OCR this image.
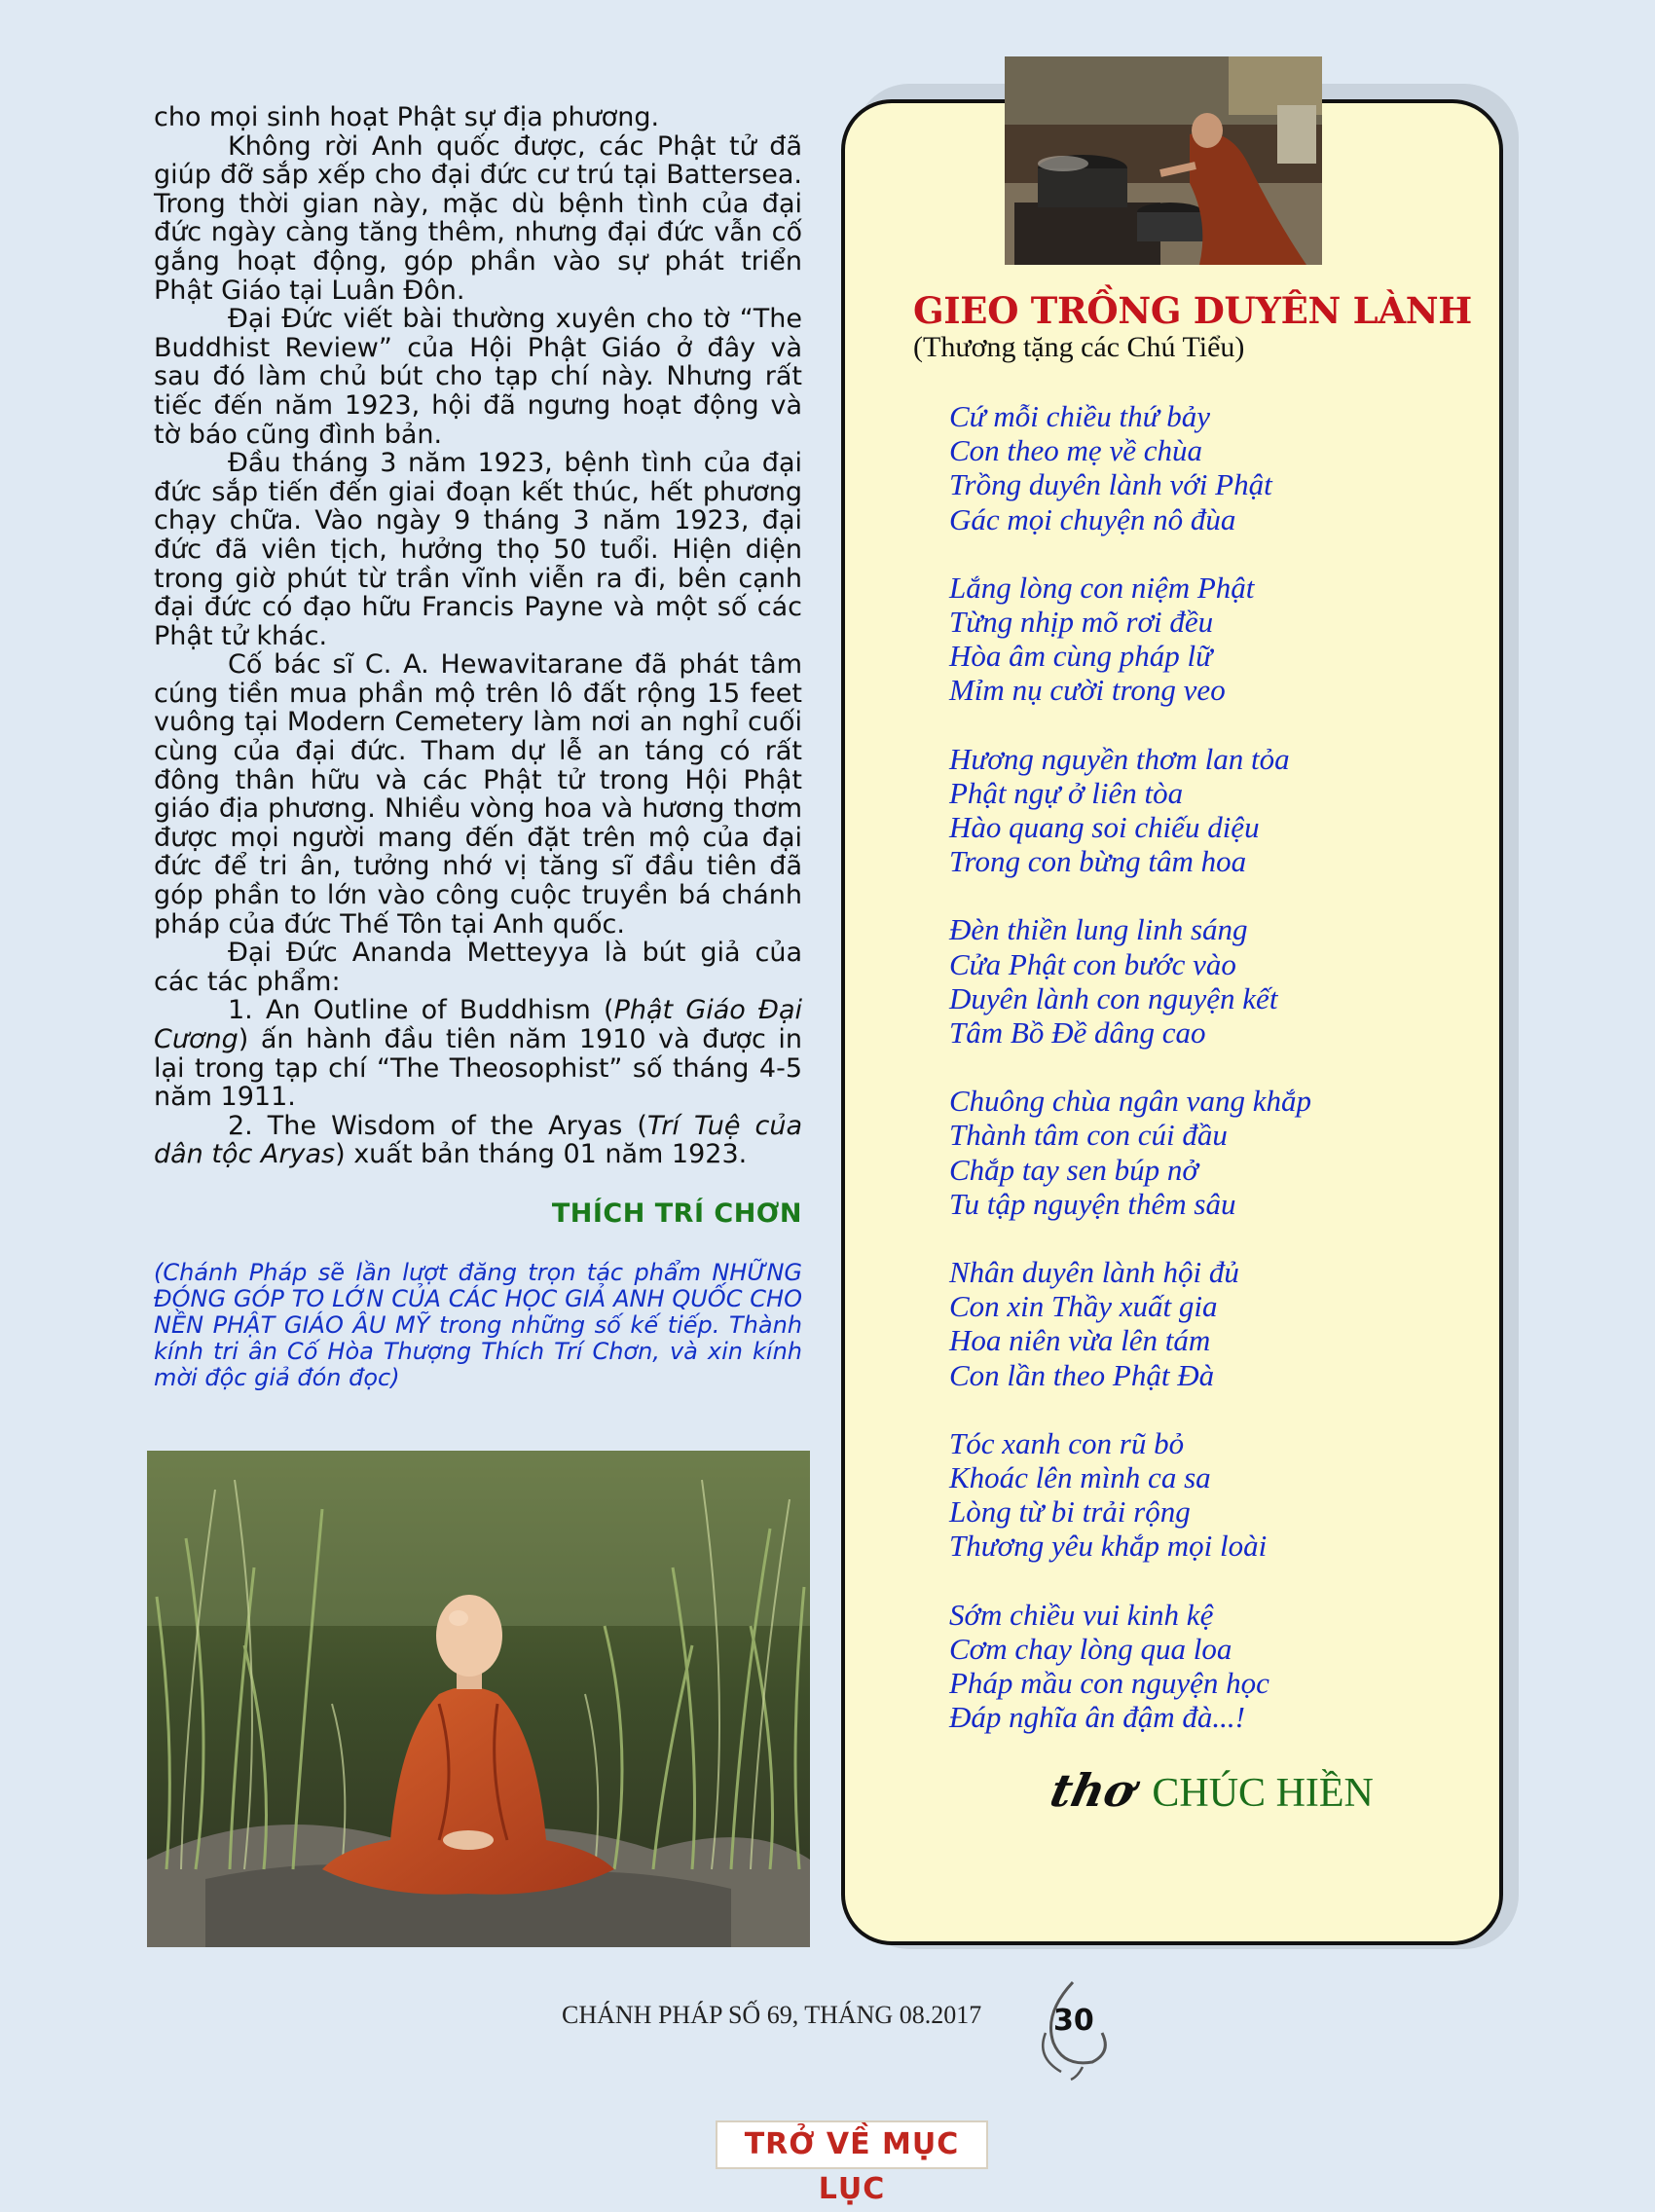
cho mọi sinh hoạt Phật sự địa phương.

Không rời Anh quốc được, các Phật tử đã giúp đỡ sắp xếp cho đại đức cư trú tại Battersea. Trong thời gian này, mặc dù bệnh tình của đại đức ngày càng tăng thêm, nhưng đại đức vẫn cố gắng hoạt động, góp phần vào sự phát triển Phật Giáo tại Luân Đôn.

Đại Đức viết bài thường xuyên cho tờ “The Buddhist Review” của Hội Phật Giáo ở đây và sau đó làm chủ bút cho tạp chí này. Nhưng rất tiếc đến năm 1923, hội đã ngưng hoạt động và tờ báo cũng đình bản.

Đầu tháng 3 năm 1923, bệnh tình của đại đức sắp tiến đến giai đoạn kết thúc, hết phương chạy chữa. Vào ngày 9 tháng 3 năm 1923, đại đức đã viên tịch, hưởng thọ 50 tuổi. Hiện diện trong giờ phút từ trần vĩnh viễn ra đi, bên cạnh đại đức có đạo hữu Francis Payne và một số các Phật tử khác.

Cố bác sĩ C. A. Hewavitarane đã phát tâm cúng tiền mua phần mộ trên lô đất rộng 15 feet vuông tại Modern Cemetery làm nơi an nghỉ cuối cùng của đại đức. Tham dự lễ an táng có rất đông thân hữu và các Phật tử trong Hội Phật giáo địa phương. Nhiều vòng hoa và hương thơm được mọi người mang đến đặt trên mộ của đại đức để tri ân, tưởng nhớ vị tăng sĩ đầu tiên đã góp phần to lớn vào công cuộc truyền bá chánh pháp của đức Thế Tôn tại Anh quốc.

Đại Đức Ananda Metteyya là bút giả của các tác phẩm:

1. An Outline of Buddhism (Phật Giáo Đại Cương) ấn hành đầu tiên năm 1910 và được in lại trong tạp chí “The Theosophist” số tháng 4-5 năm 1911.

2. The Wisdom of the Aryas (Trí Tuệ của dân tộc Aryas) xuất bản tháng 01 năm 1923.

THÍCH TRÍ CHƠN

(Chánh Pháp sẽ lần lượt đăng trọn tác phẩm NHỮNG ĐÓNG GÓP TO LỚN CỦA CÁC HỌC GIẢ ANH QUỐC CHO NỀN PHẬT GIÁO ÂU MỸ trong những số kế tiếp. Thành kính tri ân Cố Hòa Thượng Thích Trí Chơn, và xin kính mời độc giả đón đọc)

GIEO TRỒNG DUYÊN LÀNH

(Thương tặng các Chú Tiểu)

Cứ mỗi chiều thứ bảy
Con theo mẹ về chùa
Trồng duyên lành với Phật
Gác mọi chuyện nô đùa
Lắng lòng con niệm Phật
Từng nhịp mõ rơi đều
Hòa âm cùng pháp lữ
Mỉm nụ cười trong veo
Hương nguyền thơm lan tỏa
Phật ngự ở liên tòa
Hào quang soi chiếu diệu
Trong con bừng tâm hoa
Đèn thiền lung linh sáng
Cửa Phật con bước vào
Duyên lành con nguyện kết
Tâm Bồ Đề dâng cao
Chuông chùa ngân vang khắp
Thành tâm con cúi đầu
Chắp tay sen búp nở
Tu tập nguyện thêm sâu
Nhân duyên lành hội đủ
Con xin Thầy xuất gia
Hoa niên vừa lên tám
Con lần theo Phật Đà
Tóc xanh con rũ bỏ
Khoác lên mình ca sa
Lòng từ bi trải rộng
Thương yêu khắp mọi loài
Sớm chiều vui kinh kệ
Cơm chay lòng qua loa
Pháp mầu con nguyện học
Đáp nghĩa ân đậm đà...!
thơ CHÚC HIỀN
CHÁNH PHÁP SỐ 69, THÁNG 08.2017 30
TRỞ VỀ MỤC LỤC
